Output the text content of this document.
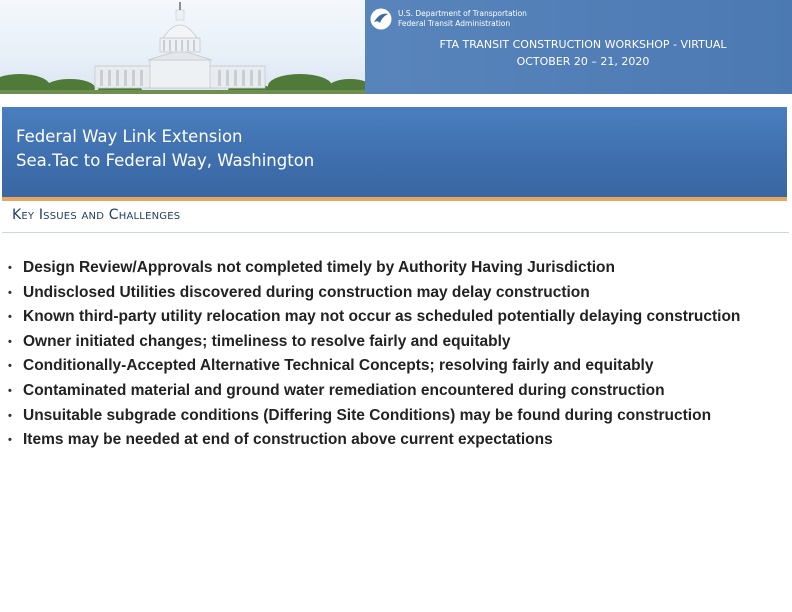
U.S. Department of Transportation
Federal Transit Administration
FTA TRANSIT CONSTRUCTION WORKSHOP - VIRTUAL
OCTOBER 20 – 21, 2020
Federal Way Link Extension
Sea.Tac to Federal Way, Washington
Key Issues and Challenges
• Design Review/Approvals not completed timely by Authority Having Jurisdiction
• Undisclosed Utilities discovered during construction may delay construction
• Known third-party utility relocation may not occur as scheduled potentially delaying construction
• Owner initiated changes; timeliness to resolve fairly and equitably
• Conditionally-Accepted Alternative Technical Concepts; resolving fairly and equitably
• Contaminated material and ground water remediation encountered during construction
• Unsuitable subgrade conditions (Differing Site Conditions) may be found during construction
• Items may be needed at end of construction above current expectations
